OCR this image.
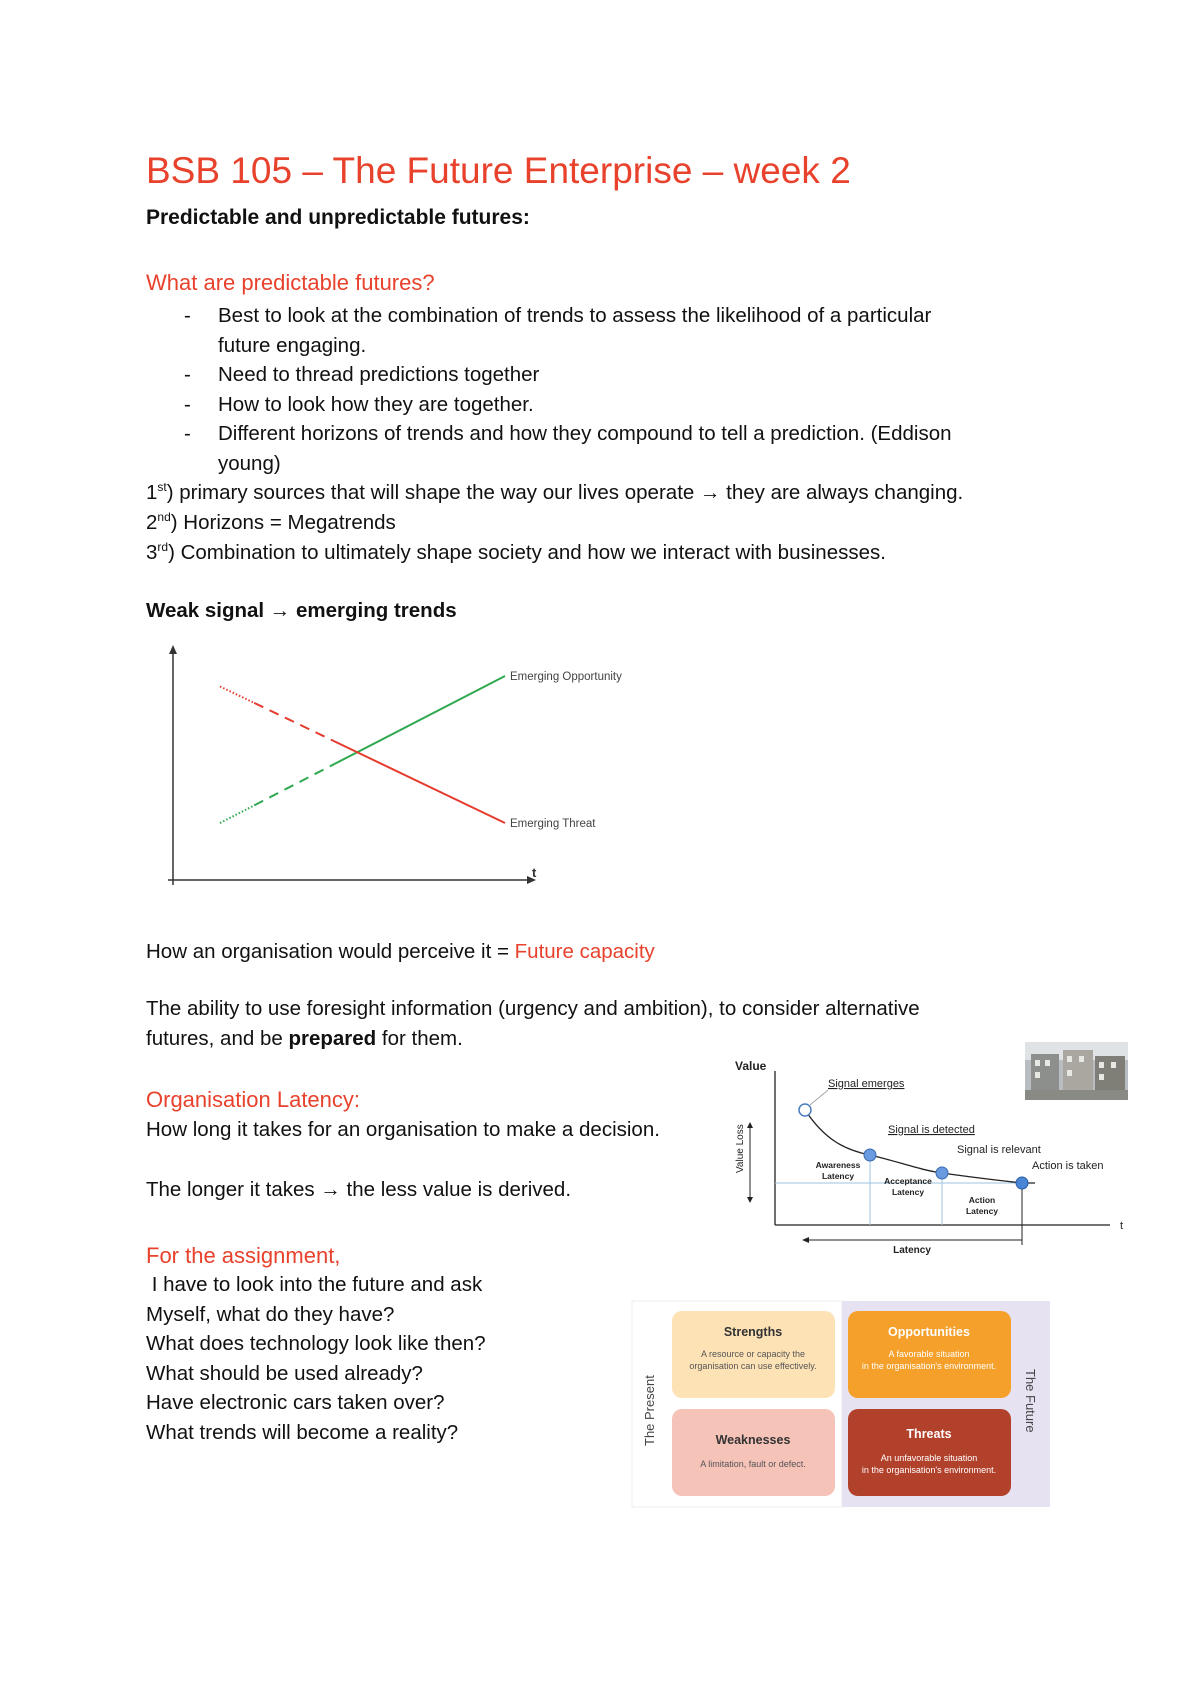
BSB 105 – The Future Enterprise – week 2
Predictable and unpredictable futures:
What are predictable futures?
- Best to look at the combination of trends to assess the likelihood of a particular
future engaging.
- Need to thread predictions together
- How to look how they are together.
- Different horizons of trends and how they compound to tell a prediction. (Eddison
young)
1st) primary sources that will shape the way our lives operate → they are always changing.
2nd) Horizons = Megatrends
3rd) Combination to ultimately shape society and how we interact with businesses.
Weak signal → emerging trends
t
Emerging Opportunity
Emerging Threat
How an organisation would perceive it = Future capacity
The ability to use foresight information (urgency and ambition), to consider alternative
futures, and be prepared for them.
Organisation Latency:
How long it takes for an organisation to make a decision.
The longer it takes → the less value is derived.
Value
t
Value Loss
Signal emerges
Signal is detected
Signal is relevant
Action is taken
Awareness
Latency	Acceptance
Latency
Action
Latency
Latency
For the assignment,
I have to look into the future and ask
Myself, what do they have?
What does technology look like then?
What should be used already?
Have electronic cars taken over?
What trends will become a reality?	The Present	The Future
Strengths
A resource or capacity the
organisation can use effectively.
Opportunities
A favorable situation
in the organisation's environment.
Weaknesses
A limitation, fault or defect.
Threats
An unfavorable situation
in the organisation's environment.
